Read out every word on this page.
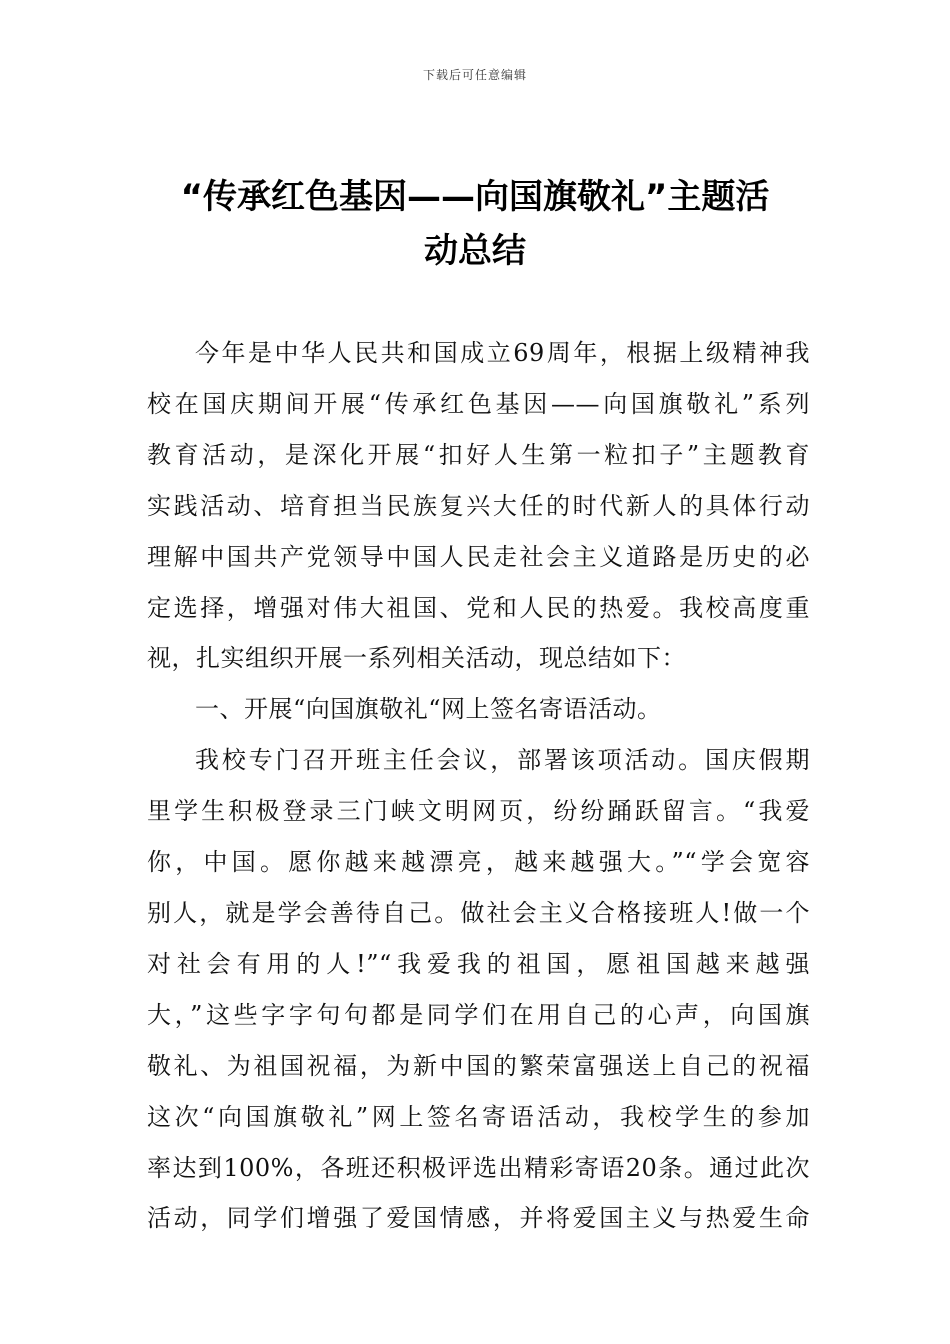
下载后可任意编辑
“传承红色基因——向国旗敬礼”主题活
动总结

今年是中华人民共和国成立69周年，根据上级精神我
校在国庆期间开展“传承红色基因——向国旗敬礼”系列
教育活动，是深化开展“扣好人生第一粒扣子”主题教育
实践活动、培育担当民族复兴大任的时代新人的具体行动
理解中国共产党领导中国人民走社会主义道路是历史的必
定选择，增强对伟大祖国、党和人民的热爱。我校高度重
视，扎实组织开展一系列相关活动，现总结如下：

一、开展“向国旗敬礼“网上签名寄语活动。

我校专门召开班主任会议，部署该项活动。国庆假期
里学生积极登录三门峡文明网页，纷纷踊跃留言。“我爱
你，中国。愿你越来越漂亮，越来越强大。”“学会宽容
别人，就是学会善待自己。做社会主义合格接班人!做一个
对社会有用的人!”“我爱我的祖国，愿祖国越来越强
大，”这些字字句句都是同学们在用自己的心声，向国旗
敬礼、为祖国祝福，为新中国的繁荣富强送上自己的祝福
这次“向国旗敬礼”网上签名寄语活动，我校学生的参加
率达到100%，各班还积极评选出精彩寄语20条。通过此次
活动，同学们增强了爱国情感，并将爱国主义与热爱生命
